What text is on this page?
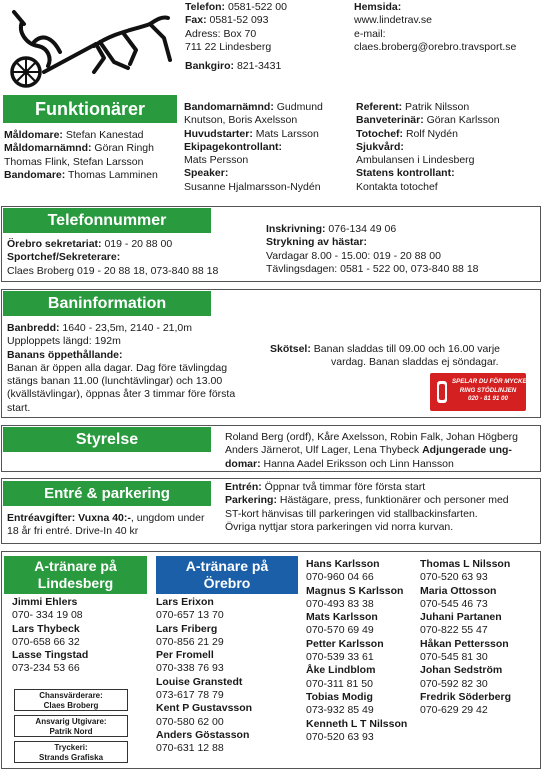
Telefon: 0581-522 00
Fax: 0581-52 093
Adress: Box 70
711 22 Lindesberg
Bankgiro: 821-3431
Hemsida:
www.lindetrav.se
e-mail:
claes.broberg@orebro.travsport.se
Funktionärer
Måldomare: Stefan Kanestad
Måldomarnämnd: Göran Ringh
Thomas Flink, Stefan Larsson
Bandomare: Thomas Lamminen
Bandomarnämnd: Gudmund
Knutson, Boris Axelsson
Huvudstarter: Mats Larsson
Ekipagekontrollant:
Mats Persson
Speaker:
Susanne Hjalmarsson-Nydén
Referent: Patrik Nilsson
Banveterinär: Göran Karlsson
Totochef: Rolf Nydén
Sjukvård:
Ambulansen i Lindesberg
Statens kontrollant:
Kontakta totochef
Telefonnummer
Örebro sekretariat: 019 - 20 88 00
Sportchef/Sekreterare:
Claes Broberg 019 - 20 88 18, 073-840 88 18
Inskrivning: 076-134 49 06
Strykning av hästar:
Vardagar 8.00 - 15.00: 019 - 20 88 00
Tävlingsdagen: 0581 - 522 00, 073-840 88 18
Baninformation
Banbredd: 1640 - 23,5m, 2140 - 21,0m
Upploppets längd: 192m
Banans öppethållande:
Banan är öppen alla dagar. Dag före tävlingdag
stängs banan 11.00 (lunchtävlingar) och 13.00
(kvällstävlingar), öppnas åter 3 timmar före första
start.
Skötsel: Banan sladdas till 09.00 och 16.00 varje
vardag. Banan sladdas ej söndagar.
SPELAR DU FÖR MYCKET?
RING STÖDLINJEN
020 - 81 91 00
Styrelse	Roland Berg (ordf), Kåre Axelsson, Robin Falk, Johan Högberg
Anders Järnerot, Ulf Lager, Lena Thybeck Adjungerade ung-
domar: Hanna Aadel Eriksson och Linn Hansson
Entré & parkering
Entréavgifter: Vuxna 40:-, ungdom under
18 år fri entré. Drive-In 40 kr
Entrén: Öppnar två timmar före första start
Parkering: Hästägare, press, funktionärer och personer med
ST-kort hänvisas till parkeringen vid stallbackinsfarten.
Övriga nyttjar stora parkeringen vid norra kurvan.
A-tränare på
Lindesberg
Jimmi Ehlers
070- 334 19 08
Lars Thybeck
070-658 66 32
Lasse Tingstad
073-234 53 66
Chansvärderare:
Claes Broberg
Ansvarig Utgivare:
Patrik Nord
Tryckeri:
Strands Grafiska
A-tränare på
Örebro
Lars Erixon
070-657 13 70
Lars Friberg
070-856 21 29
Per Fromell
070-338 76 93
Louise Granstedt
073-617 78 79
Kent P Gustavsson
070-580 62 00
Anders Göstasson
070-631 12 88
Hans Karlsson
070-960 04 66
Magnus S Karlsson
070-493 83 38
Mats Karlsson
070-570 69 49
Petter Karlsson
070-539 33 61
Åke Lindblom
070-311 81 50
Tobias Modig
073-932 85 49
Kenneth L T Nilsson
070-520 63 93
Thomas L Nilsson
070-520 63 93
Maria Ottosson
070-545 46 73
Juhani Partanen
070-822 55 47
Håkan Pettersson
070-545 81 30
Johan Sedström
070-592 82 30
Fredrik Söderberg
070-629 29 42
